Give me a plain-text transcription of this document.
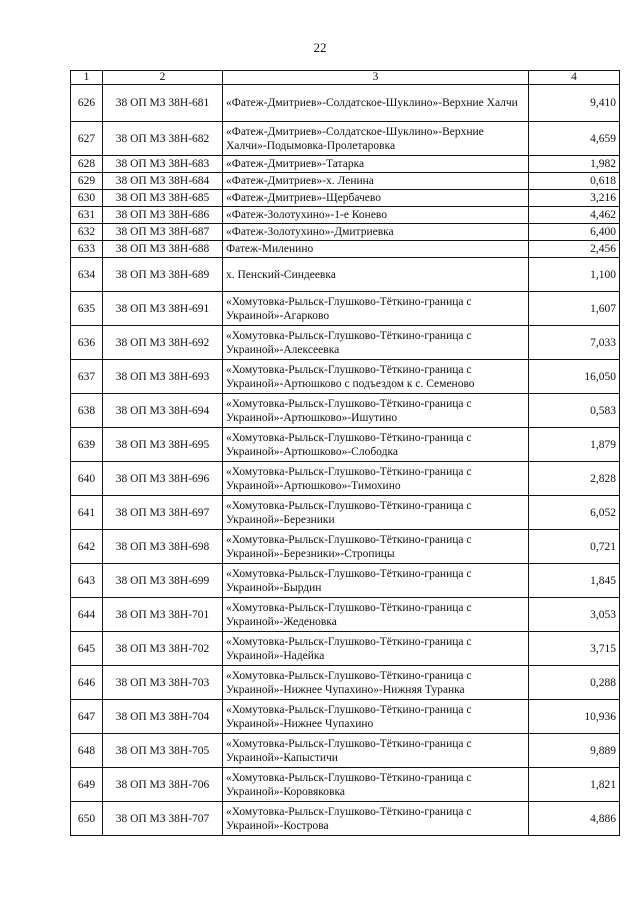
22
1	2	3	4
626	38 ОП МЗ 38Н-681	«Фатеж-Дмитриев»-Солдатское-Шуклино»-Верхние Халчи	9,410
627	38 ОП МЗ 38Н-682	«Фатеж-Дмитриев»-Солдатское-Шуклино»-Верхние Халчи»-Подымовка-Пролетаровка	4,659
628	38 ОП МЗ 38Н-683	«Фатеж-Дмитриев»-Татарка	1,982
629	38 ОП МЗ 38Н-684	«Фатеж-Дмитриев»-х. Ленина	0,618
630	38 ОП МЗ 38Н-685	«Фатеж-Дмитриев»-Щербачево	3,216
631	38 ОП МЗ 38Н-686	«Фатеж-Золотухино»-1-е Конево	4,462
632	38 ОП МЗ 38Н-687	«Фатеж-Золотухино»-Дмитриевка	6,400
633	38 ОП МЗ 38Н-688	Фатеж-Миленино	2,456
634	38 ОП МЗ 38Н-689	х. Пенский-Синдеевка	1,100
635	38 ОП МЗ 38Н-691	«Хомутовка-Рыльск-Глушково-Тёткино-граница с Украиной»-Агарково	1,607
636	38 ОП МЗ 38Н-692	«Хомутовка-Рыльск-Глушково-Тёткино-граница с Украиной»-Алексеевка	7,033
637	38 ОП МЗ 38Н-693	«Хомутовка-Рыльск-Глушково-Тёткино-граница с Украиной»-Артюшково с подъездом к с. Семеново	16,050
638	38 ОП МЗ 38Н-694	«Хомутовка-Рыльск-Глушково-Тёткино-граница с Украиной»-Артюшково»-Ишутино	0,583
639	38 ОП МЗ 38Н-695	«Хомутовка-Рыльск-Глушково-Тёткино-граница с Украиной»-Артюшково»-Слободка	1,879
640	38 ОП МЗ 38Н-696	«Хомутовка-Рыльск-Глушково-Тёткино-граница с Украиной»-Артюшково»-Тимохино	2,828
641	38 ОП МЗ 38Н-697	«Хомутовка-Рыльск-Глушково-Тёткино-граница с Украиной»-Березники	6,052
642	38 ОП МЗ 38Н-698	«Хомутовка-Рыльск-Глушково-Тёткино-граница с Украиной»-Березники»-Стропицы	0,721
643	38 ОП МЗ 38Н-699	«Хомутовка-Рыльск-Глушково-Тёткино-граница с Украиной»-Бырдин	1,845
644	38 ОП МЗ 38Н-701	«Хомутовка-Рыльск-Глушково-Тёткино-граница с Украиной»-Жеденовка	3,053
645	38 ОП МЗ 38Н-702	«Хомутовка-Рыльск-Глушково-Тёткино-граница с Украиной»-Надейка	3,715
646	38 ОП МЗ 38Н-703	«Хомутовка-Рыльск-Глушково-Тёткино-граница с Украиной»-Нижнее Чупахино»-Нижняя Туранка	0,288
647	38 ОП МЗ 38Н-704	«Хомутовка-Рыльск-Глушково-Тёткино-граница с Украиной»-Нижнее Чупахино	10,936
648	38 ОП МЗ 38Н-705	«Хомутовка-Рыльск-Глушково-Тёткино-граница с Украиной»-Капыстичи	9,889
649	38 ОП МЗ 38Н-706	«Хомутовка-Рыльск-Глушково-Тёткино-граница с Украиной»-Коровяковка	1,821
650	38 ОП МЗ 38Н-707	«Хомутовка-Рыльск-Глушково-Тёткино-граница с Украиной»-Кострова	4,886
